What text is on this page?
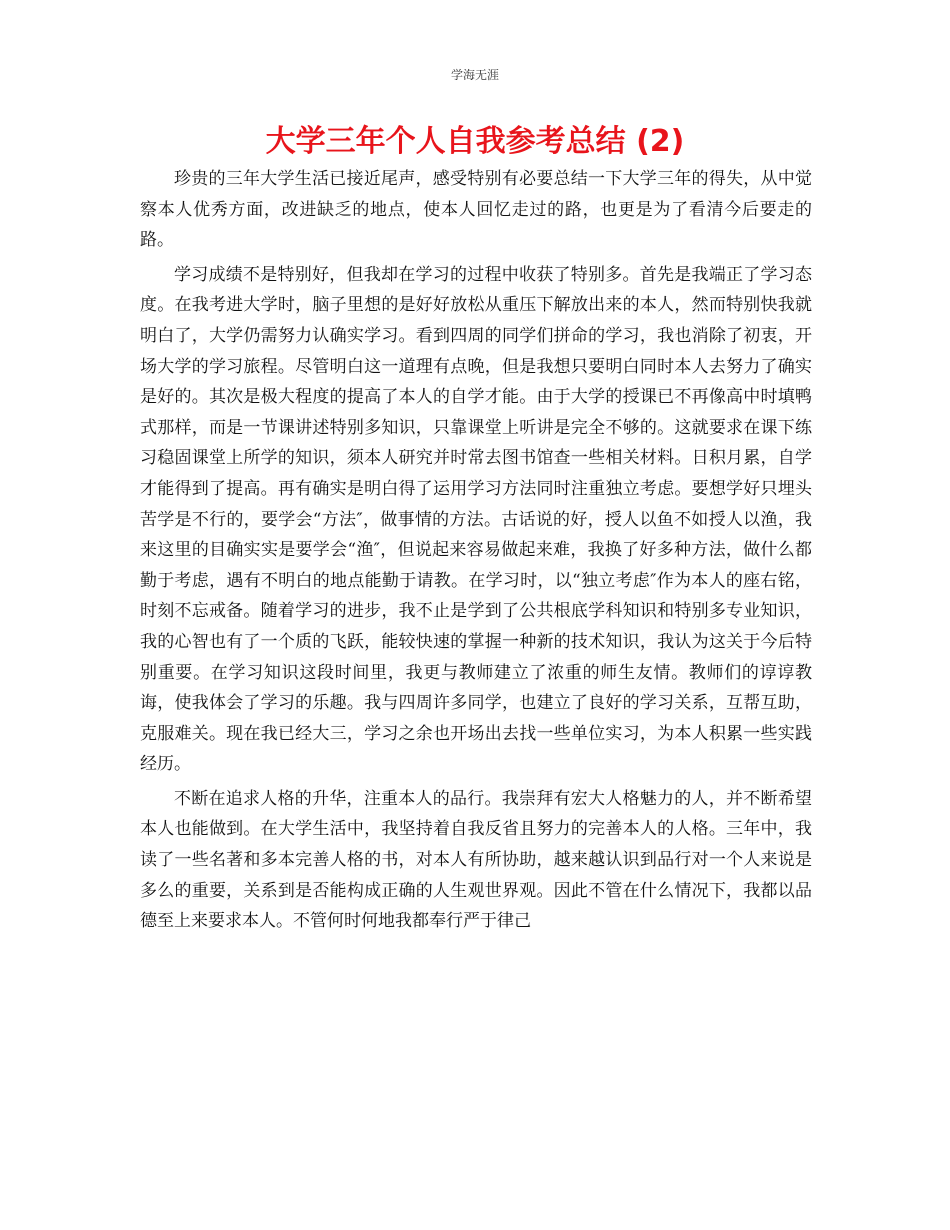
学海无涯
大学三年个人自我参考总结 (2)

珍贵的三年大学生活已接近尾声，感受特别有必要总结一下大学三年的得失，从中觉察本人优秀方面，改进缺乏的地点，使本人回忆走过的路，也更是为了看清今后要走的路。

学习成绩不是特别好，但我却在学习的过程中收获了特别多。首先是我端正了学习态度。在我考进大学时，脑子里想的是好好放松从重压下解放出来的本人，然而特别快我就明白了，大学仍需努力认确实学习。看到四周的同学们拼命的学习，我也消除了初衷，开场大学的学习旅程。尽管明白这一道理有点晚，但是我想只要明白同时本人去努力了确实是好的。其次是极大程度的提高了本人的自学才能。由于大学的授课已不再像高中时填鸭式那样，而是一节课讲述特别多知识，只靠课堂上听讲是完全不够的。这就要求在课下练习稳固课堂上所学的知识，须本人研究并时常去图书馆查一些相关材料。日积月累，自学才能得到了提高。再有确实是明白得了运用学习方法同时注重独立考虑。要想学好只埋头苦学是不行的，要学会“方法″，做事情的方法。古话说的好，授人以鱼不如授人以渔，我来这里的目确实实是要学会“渔″，但说起来容易做起来难，我换了好多种方法，做什么都勤于考虑，遇有不明白的地点能勤于请教。在学习时，以“独立考虑″作为本人的座右铭，时刻不忘戒备。随着学习的进步，我不止是学到了公共根底学科知识和特别多专业知识，我的心智也有了一个质的飞跃，能较快速的掌握一种新的技术知识，我认为这关于今后特别重要。在学习知识这段时间里，我更与教师建立了浓重的师生友情。教师们的谆谆教诲，使我体会了学习的乐趣。我与四周许多同学，也建立了良好的学习关系，互帮互助，克服难关。现在我已经大三，学习之余也开场出去找一些单位实习，为本人积累一些实践经历。

不断在追求人格的升华，注重本人的品行。我崇拜有宏大人格魅力的人，并不断希望本人也能做到。在大学生活中，我坚持着自我反省且努力的完善本人的人格。三年中，我读了一些名著和多本完善人格的书，对本人有所协助，越来越认识到品行对一个人来说是多么的重要，关系到是否能构成正确的人生观世界观。因此不管在什么情况下，我都以品德至上来要求本人。不管何时何地我都奉行严于律己
